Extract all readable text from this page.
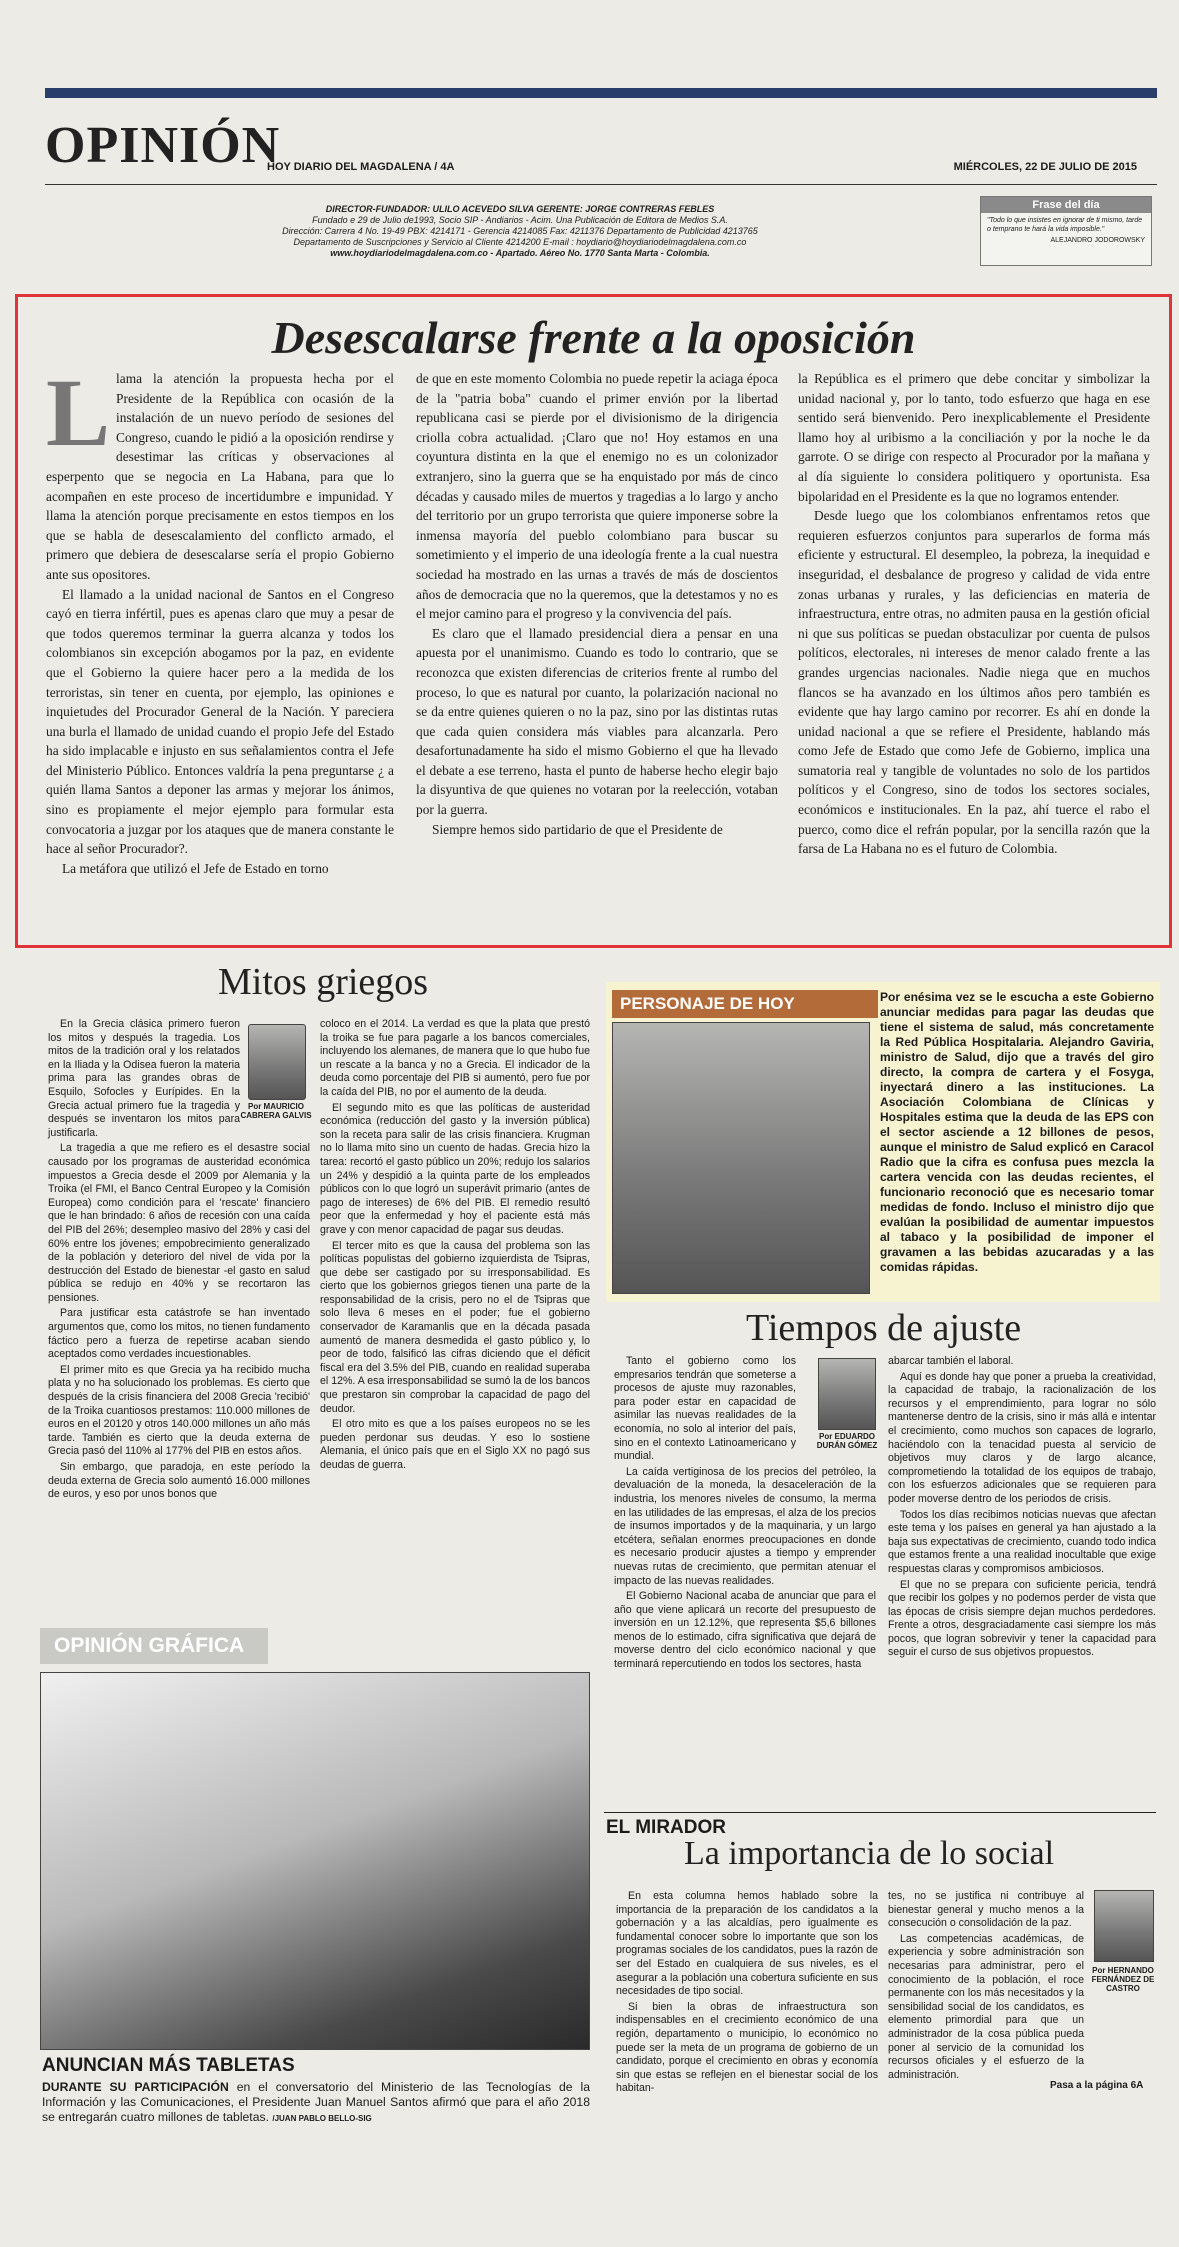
OPINIÓN
HOY DIARIO DEL MAGDALENA / 4A	MIÉRCOLES, 22 DE JULIO DE 2015
DIRECTOR-FUNDADOR: ULILO ACEVEDO SILVA GERENTE: JORGE CONTRERAS FEBLES
Fundado e 29 de Julio de1993, Socio SIP - Andiarios - Acim. Una Publicación de Editora de Medios S.A.
Dirección: Carrera 4 No. 19-49 PBX: 4214171 - Gerencia 4214085 Fax: 4211376 Departamento de Publicidad 4213765
Departamento de Suscripciones y Servicio al Cliente 4214200 E-mail : hoydiario@hoydiariodelmagdalena.com.co
www.hoydiariodelmagdalena.com.co - Apartado. Aéreo No. 1770 Santa Marta - Colombia.
Frase del día
"Todo lo que insistes en ignorar de ti mismo, tarde o temprano te hará la vida imposible."
ALEJANDRO JODOROWSKY
Desescalarse frente a la oposición
L lama la atención la propuesta hecha por el Presidente de la República con ocasión de la instalación de un nuevo período de sesiones del Congreso, cuando le pidió a la oposición rendirse y desestimar las críticas y observaciones al esperpento que se negocia en La Habana, para que lo acompañen en este proceso de incertidumbre e impunidad. Y llama la atención porque precisamente en estos tiempos en los que se habla de desescalamiento del conflicto armado, el primero que debiera de desescalarse sería el propio Gobierno ante sus opositores.

El llamado a la unidad nacional de Santos en el Congreso cayó en tierra infértil, pues es apenas claro que muy a pesar de que todos queremos terminar la guerra alcanza y todos los colombianos sin excepción abogamos por la paz, en evidente que el Gobierno la quiere hacer pero a la medida de los terroristas, sin tener en cuenta, por ejemplo, las opiniones e inquietudes del Procurador General de la Nación. Y pareciera una burla el llamado de unidad cuando el propio Jefe del Estado ha sido implacable e injusto en sus señalamientos contra el Jefe del Ministerio Público. Entonces valdría la pena preguntarse ¿ a quién llama Santos a deponer las armas y mejorar los ánimos, sino es propiamente el mejor ejemplo para formular esta convocatoria a juzgar por los ataques que de manera constante le hace al señor Procurador?.

La metáfora que utilizó el Jefe de Estado en torno

de que en este momento Colombia no puede repetir la aciaga época de la "patria boba" cuando el primer envión por la libertad republicana casi se pierde por el divisionismo de la dirigencia criolla cobra actualidad. ¡Claro que no! Hoy estamos en una coyuntura distinta en la que el enemigo no es un colonizador extranjero, sino la guerra que se ha enquistado por más de cinco décadas y causado miles de muertos y tragedias a lo largo y ancho del territorio por un grupo terrorista que quiere imponerse sobre la inmensa mayoría del pueblo colombiano para buscar su sometimiento y el imperio de una ideología frente a la cual nuestra sociedad ha mostrado en las urnas a través de más de doscientos años de democracia que no la queremos, que la detestamos y no es el mejor camino para el progreso y la convivencia del país.

Es claro que el llamado presidencial diera a pensar en una apuesta por el unanimismo. Cuando es todo lo contrario, que se reconozca que existen diferencias de criterios frente al rumbo del proceso, lo que es natural por cuanto, la polarización nacional no se da entre quienes quieren o no la paz, sino por las distintas rutas que cada quien considera más viables para alcanzarla. Pero desafortunadamente ha sido el mismo Gobierno el que ha llevado el debate a ese terreno, hasta el punto de haberse hecho elegir bajo la disyuntiva de que quienes no votaran por la reelección, votaban por la guerra.

Siempre hemos sido partidario de que el Presidente de

la República es el primero que debe concitar y simbolizar la unidad nacional y, por lo tanto, todo esfuerzo que haga en ese sentido será bienvenido. Pero inexplicablemente el Presidente llamo hoy al uribismo a la conciliación y por la noche le da garrote. O se dirige con respecto al Procurador por la mañana y al día siguiente lo considera politiquero y oportunista. Esa bipolaridad en el Presidente es la que no logramos entender.

Desde luego que los colombianos enfrentamos retos que requieren esfuerzos conjuntos para superarlos de forma más eficiente y estructural. El desempleo, la pobreza, la inequidad e inseguridad, el desbalance de progreso y calidad de vida entre zonas urbanas y rurales, y las deficiencias en materia de infraestructura, entre otras, no admiten pausa en la gestión oficial ni que sus políticas se puedan obstaculizar por cuenta de pulsos políticos, electorales, ni intereses de menor calado frente a las grandes urgencias nacionales. Nadie niega que en muchos flancos se ha avanzado en los últimos años pero también es evidente que hay largo camino por recorrer. Es ahí en donde la unidad nacional a que se refiere el Presidente, hablando más como Jefe de Estado que como Jefe de Gobierno, implica una sumatoria real y tangible de voluntades no solo de los partidos políticos y el Congreso, sino de todos los sectores sociales, económicos e institucionales. En la paz, ahí tuerce el rabo el puerco, como dice el refrán popular, por la sencilla razón que la farsa de La Habana no es el futuro de Colombia.

Mitos griegos
Por MAURICIO CABRERA GALVIS

En la Grecia clásica primero fueron los mitos y después la tragedia. Los mitos de la tradición oral y los relatados en la Iliada y la Odisea fueron la materia prima para las grandes obras de Esquilo, Sofocles y Eurípides. En la Grecia actual primero fue la tragedia y después se inventaron los mitos para justificarla.

La tragedia a que me refiero es el desastre social causado por los programas de austeridad económica impuestos a Grecia desde el 2009 por Alemania y la Troika (el FMI, el Banco Central Europeo y la Comisión Europea) como condición para el 'rescate' financiero que le han brindado: 6 años de recesión con una caída del PIB del 26%; desempleo masivo del 28% y casi del 60% entre los jóvenes; empobrecimiento generalizado de la población y deterioro del nivel de vida por la destrucción del Estado de bienestar -el gasto en salud pública se redujo en 40% y se recortaron las pensiones.

Para justificar esta catástrofe se han inventado argumentos que, como los mitos, no tienen fundamento fáctico pero a fuerza de repetirse acaban siendo aceptados como verdades incuestionables.

El primer mito es que Grecia ya ha recibido mucha plata y no ha solucionado los problemas. Es cierto que después de la crisis financiera del 2008 Grecia 'recibió' de la Troika cuantiosos prestamos: 110.000 millones de euros en el 20120 y otros 140.000 millones un año más tarde. También es cierto que la deuda externa de Grecia pasó del 110% al 177% del PIB en estos años.

Sin embargo, que paradoja, en este período la deuda externa de Grecia solo aumentó 16.000 millones de euros, y eso por unos bonos que

coloco en el 2014. La verdad es que la plata que prestó la troika se fue para pagarle a los bancos comerciales, incluyendo los alemanes, de manera que lo que hubo fue un rescate a la banca y no a Grecia. El indicador de la deuda como porcentaje del PIB si aumentó, pero fue por la caída del PIB, no por el aumento de la deuda.

El segundo mito es que las políticas de austeridad económica (reducción del gasto y la inversión pública) son la receta para salir de las crisis financiera. Krugman no lo llama mito sino un cuento de hadas. Grecia hizo la tarea: recortó el gasto público un 20%; redujo los salarios un 24% y despidió a la quinta parte de los empleados públicos con lo que logró un superávit primario (antes de pago de intereses) de 6% del PIB. El remedio resultó peor que la enfermedad y hoy el paciente está más grave y con menor capacidad de pagar sus deudas.

El tercer mito es que la causa del problema son las políticas populistas del gobierno izquierdista de Tsipras, que debe ser castigado por su irresponsabilidad. Es cierto que los gobiernos griegos tienen una parte de la responsabilidad de la crisis, pero no el de Tsipras que solo lleva 6 meses en el poder; fue el gobierno conservador de Karamanlis que en la década pasada aumentó de manera desmedida el gasto público y, lo peor de todo, falsificó las cifras diciendo que el déficit fiscal era del 3.5% del PIB, cuando en realidad superaba el 12%. A esa irresponsabilidad se sumó la de los bancos que prestaron sin comprobar la capacidad de pago del deudor.

El otro mito es que a los países europeos no se les pueden perdonar sus deudas. Y eso lo sostiene Alemania, el único país que en el Siglo XX no pagó sus deudas de guerra.

PERSONAJE DE HOY	Por enésima vez se le escucha a este Gobierno anunciar medidas para pagar las deudas que tiene el sistema de salud, más concretamente la Red Pública Hospitalaria. Alejandro Gaviria, ministro de Salud, dijo que a través del giro directo, la compra de cartera y el Fosyga, inyectará dinero a las instituciones. La Asociación Colombiana de Clínicas y Hospitales estima que la deuda de las EPS con el sector asciende a 12 billones de pesos, aunque el ministro de Salud explicó en Caracol Radio que la cifra es confusa pues mezcla la cartera vencida con las deudas recientes, el funcionario reconoció que es necesario tomar medidas de fondo. Incluso el ministro dijo que evalúan la posibilidad de aumentar impuestos al tabaco y la posibilidad de imponer el gravamen a las bebidas azucaradas y a las comidas rápidas.
Tiempos de ajuste

Tanto el gobierno como los empresarios tendrán que someterse a procesos de ajuste muy razonables, para poder estar en capacidad de asimilar las nuevas realidades de la economía, no solo al interior del país, sino en el contexto Latinoamericano y mundial.

La caída vertiginosa de los precios del petróleo, la devaluación de la moneda, la desaceleración de la industria, los menores niveles de consumo, la merma en las utilidades de las empresas, el alza de los precios de insumos importados y de la maquinaria, y un largo etcétera, señalan enormes preocupaciones en donde es necesario producir ajustes a tiempo y emprender nuevas rutas de crecimiento, que permitan atenuar el impacto de las nuevas realidades.

El Gobierno Nacional acaba de anunciar que para el año que viene aplicará un recorte del presupuesto de inversión en un 12.12%, que representa $5,6 billones menos de lo estimado, cifra significativa que dejará de moverse dentro del ciclo económico nacional y que terminará repercutiendo en todos los sectores, hasta

Por EDUARDO DURÁN GÓMEZ

abarcar también el laboral.

Aquí es donde hay que poner a prueba la creatividad, la capacidad de trabajo, la racionalización de los recursos y el emprendimiento, para lograr no sólo mantenerse dentro de la crisis, sino ir más allá e intentar el crecimiento, como muchos son capaces de lograrlo, haciéndolo con la tenacidad puesta al servicio de objetivos muy claros y de largo alcance, comprometiendo la totalidad de los equipos de trabajo, con los esfuerzos adicionales que se requieren para poder moverse dentro de los periodos de crisis.

Todos los días recibimos noticias nuevas que afectan este tema y los países en general ya han ajustado a la baja sus expectativas de crecimiento, cuando todo indica que estamos frente a una realidad inocultable que exige respuestas claras y compromisos ambiciosos.

El que no se prepara con suficiente pericia, tendrá que recibir los golpes y no podemos perder de vista que las épocas de crisis siempre dejan muchos perdedores. Frente a otros, desgraciadamente casi siempre los más pocos, que logran sobrevivir y tener la capacidad para seguir el curso de sus objetivos propuestos.

OPINIÓN GRÁFICA
ANUNCIAN MÁS TABLETAS
DURANTE SU PARTICIPACIÓN en el conversatorio del Ministerio de las Tecnologías de la Información y las Comunicaciones, el Presidente Juan Manuel Santos afirmó que para el año 2018 se entregarán cuatro millones de tabletas. /JUAN PABLO BELLO-SIG
EL MIRADOR
La importancia de lo social

En esta columna hemos hablado sobre la importancia de la preparación de los candidatos a la gobernación y a las alcaldías, pero igualmente es fundamental conocer sobre lo importante que son los programas sociales de los candidatos, pues la razón de ser del Estado en cualquiera de sus niveles, es el asegurar a la población una cobertura suficiente en sus necesidades de tipo social.

Si bien la obras de infraestructura son indispensables en el crecimiento económico de una región, departamento o municipio, lo económico no puede ser la meta de un programa de gobierno de un candidato, porque el crecimiento en obras y economía sin que estas se reflejen en el bienestar social de los habitan-

tes, no se justifica ni contribuye al bienestar general y mucho menos a la consecución o consolidación de la paz.

Las competencias académicas, de experiencia y sobre administración son necesarias para administrar, pero el conocimiento de la población, el roce permanente con los más necesitados y la sensibilidad social de los candidatos, es elemento primordial para que un administrador de la cosa pública pueda poner al servicio de la comunidad los recursos oficiales y el esfuerzo de la administración.

Por HERNANDO FERNÁNDEZ DE CASTRO
Pasa a la página 6A
